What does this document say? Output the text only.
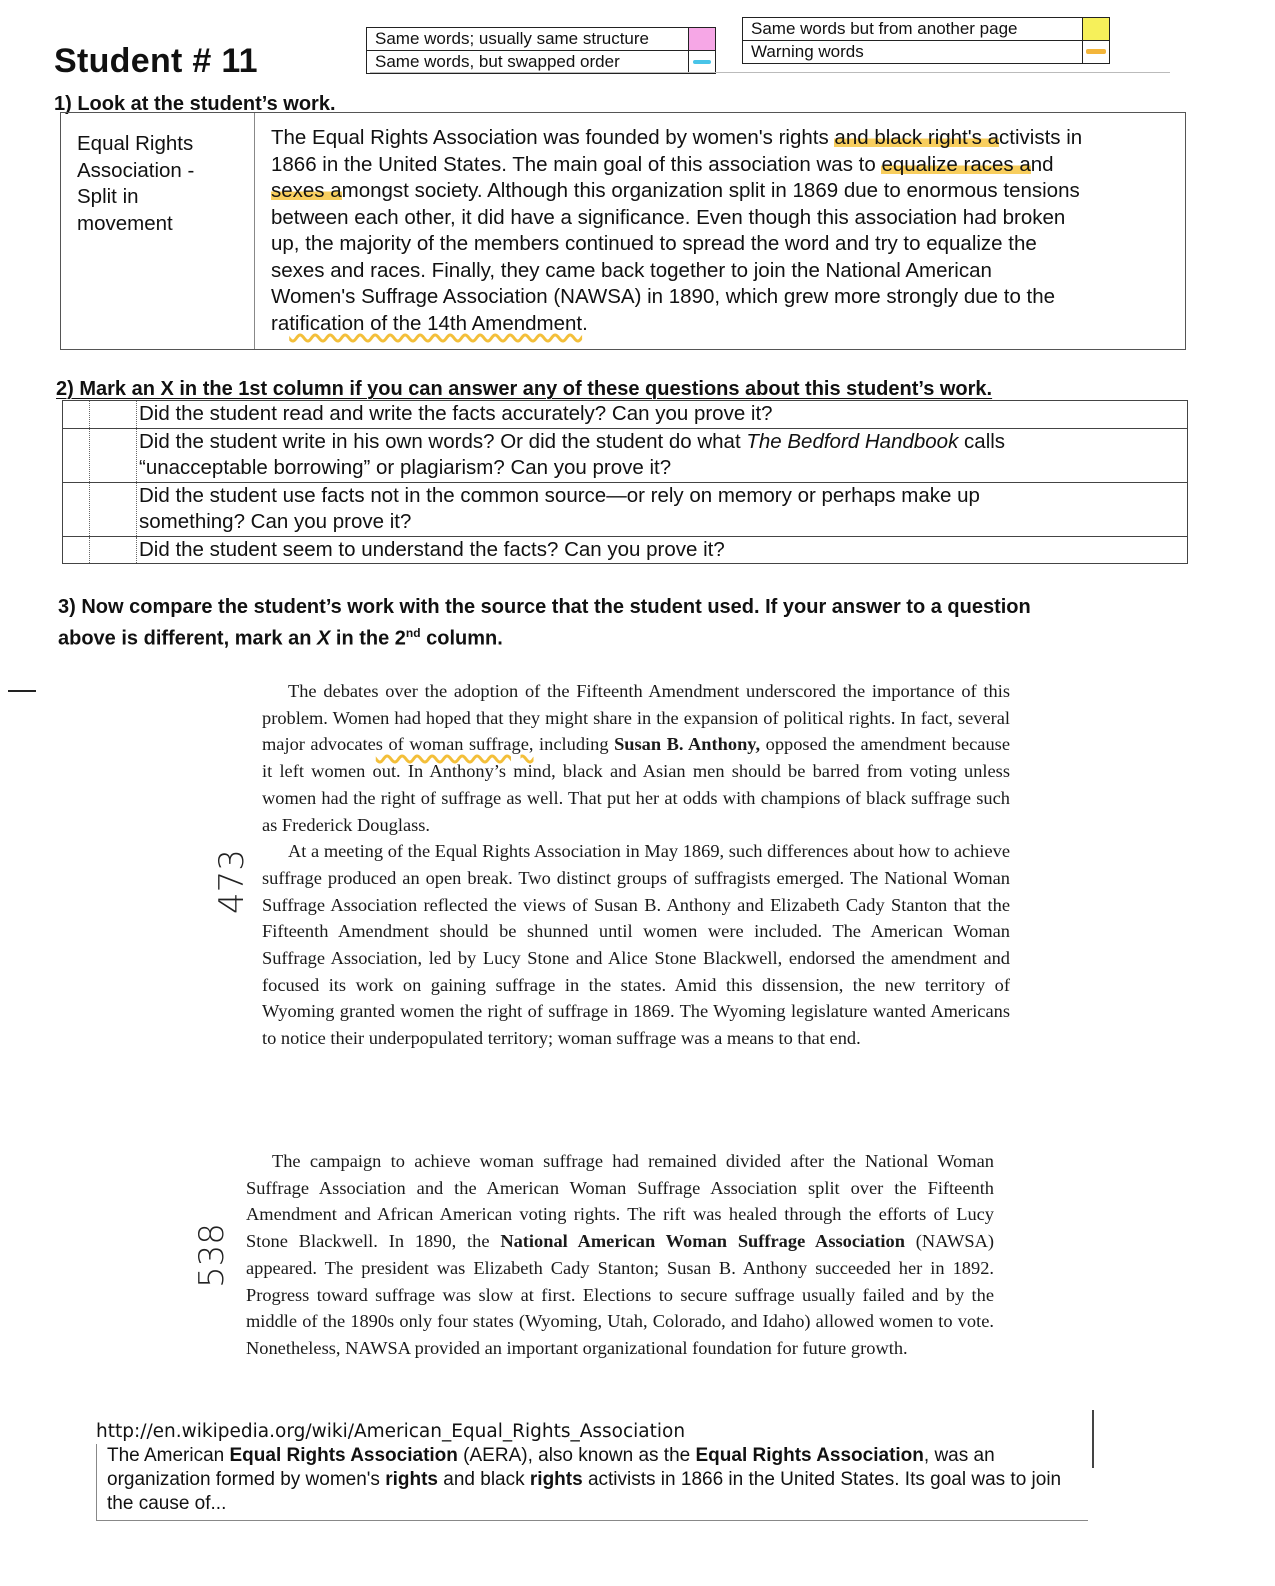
Student # 11
Same words; usually same structure
Same words, but swapped order
Same words but from another page
Warning words
1) Look at the student’s work.
Equal Rights
Association -
Split in
movement
The Equal Rights Association was founded by women's rights and black right's activists in
1866 in the United States. The main goal of this association was to equalize races and
sexes amongst society. Although this organization split in 1869 due to enormous tensions
between each other, it did have a significance. Even though this association had broken
up, the majority of the members continued to spread the word and try to equalize the
sexes and races. Finally, they came back together to join the National American
Women's Suffrage Association (NAWSA) in 1890, which grew more strongly due to the
ratification of the 14th Amendment.
2) Mark an X in the 1st column if you can answer any of these questions about this student’s work.
Did the student read and write the facts accurately? Can you prove it?
Did the student write in his own words? Or did the student do what The Bedford Handbook calls
“unacceptable borrowing” or plagiarism? Can you prove it?
Did the student use facts not in the common source—or rely on memory or perhaps make up
something? Can you prove it?
Did the student seem to understand the facts? Can you prove it?
3) Now compare the student’s work with the source that the student used. If your answer to a question
above is different, mark an X in the 2nd column.
473

The debates over the adoption of the Fifteenth Amendment underscored the importance of this problem. Women had hoped that they might share in the expansion of political rights. In fact, several major advocates of woman suffrage, including Susan B. Anthony, opposed the amendment because it left women out. In Anthony’s mind, black and Asian men should be barred from voting unless women had the right of suffrage as well. That put her at odds with champions of black suffrage such as Frederick Douglass.

At a meeting of the Equal Rights Association in May 1869, such differences about how to achieve suffrage produced an open break. Two distinct groups of suffragists emerged. The National Woman Suffrage Association reflected the views of Susan B. Anthony and Elizabeth Cady Stanton that the Fifteenth Amendment should be shunned until women were included. The American Woman Suffrage Association, led by Lucy Stone and Alice Stone Blackwell, endorsed the amendment and focused its work on gaining suffrage in the states. Amid this dissension, the new territory of Wyoming granted women the right of suffrage in 1869. The Wyoming legislature wanted Americans to notice their underpopulated territory; woman suffrage was a means to that end.

538

The campaign to achieve woman suffrage had remained divided after the National Woman Suffrage Association and the American Woman Suffrage Association split over the Fifteenth Amendment and African American voting rights. The rift was healed through the efforts of Lucy Stone Blackwell. In 1890, the National American Woman Suffrage Association (NAWSA) appeared. The president was Elizabeth Cady Stanton; Susan B. Anthony succeeded her in 1892. Progress toward suffrage was slow at first. Elections to secure suffrage usually failed and by the middle of the 1890s only four states (Wyoming, Utah, Colorado, and Idaho) allowed women to vote. Nonetheless, NAWSA provided an important organizational foundation for future growth.

http://en.wikipedia.org/wiki/American_Equal_Rights_Association
The American Equal Rights Association (AERA), also known as the Equal Rights Association, was an organization formed by women's rights and black rights activists in 1866 in the United States. Its goal was to join the cause of...
